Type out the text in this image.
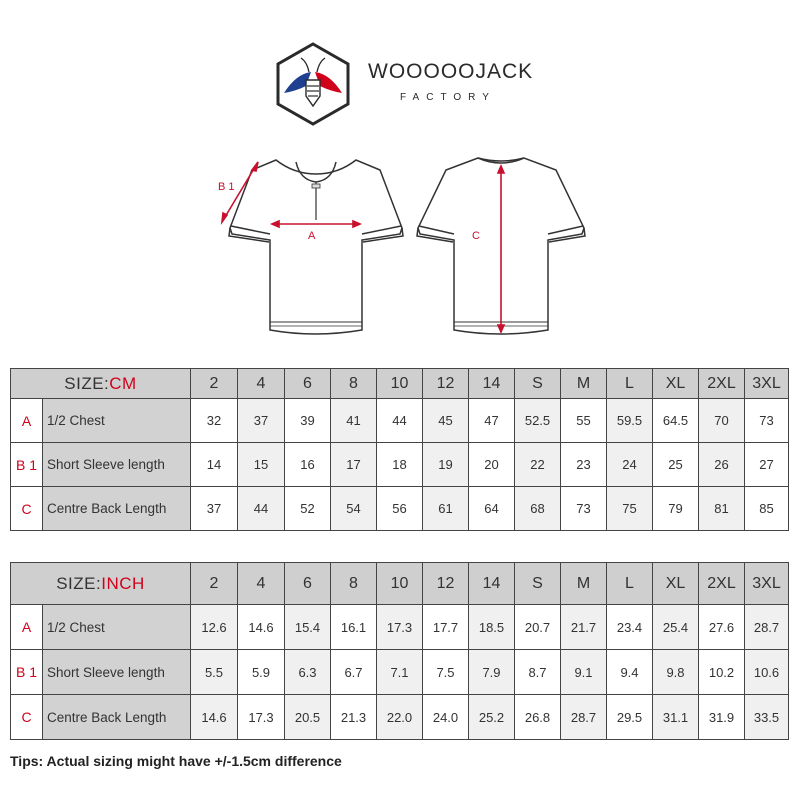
WOOOOOJACK
FACTORY
B 1
A	C
SIZE:CM		2	4	6	8	10	12	14	S	M	L	XL	2XL	3XL
A	1/2 Chest	32	37	39	41	44	45	47	52.5	55	59.5	64.5	70	73
B 1	Short Sleeve length	14	15	16	17	18	19	20	22	23	24	25	26	27
C	Centre Back Length	37	44	52	54	56	61	64	68	73	75	79	81	85
SIZE:INCH		2	4	6	8	10	12	14	S	M	L	XL	2XL	3XL
A	1/2 Chest	12.6	14.6	15.4	16.1	17.3	17.7	18.5	20.7	21.7	23.4	25.4	27.6	28.7
B 1	Short Sleeve length	5.5	5.9	6.3	6.7	7.1	7.5	7.9	8.7	9.1	9.4	9.8	10.2	10.6
C	Centre Back Length	14.6	17.3	20.5	21.3	22.0	24.0	25.2	26.8	28.7	29.5	31.1	31.9	33.5
Tips: Actual sizing might have +/-1.5cm difference
